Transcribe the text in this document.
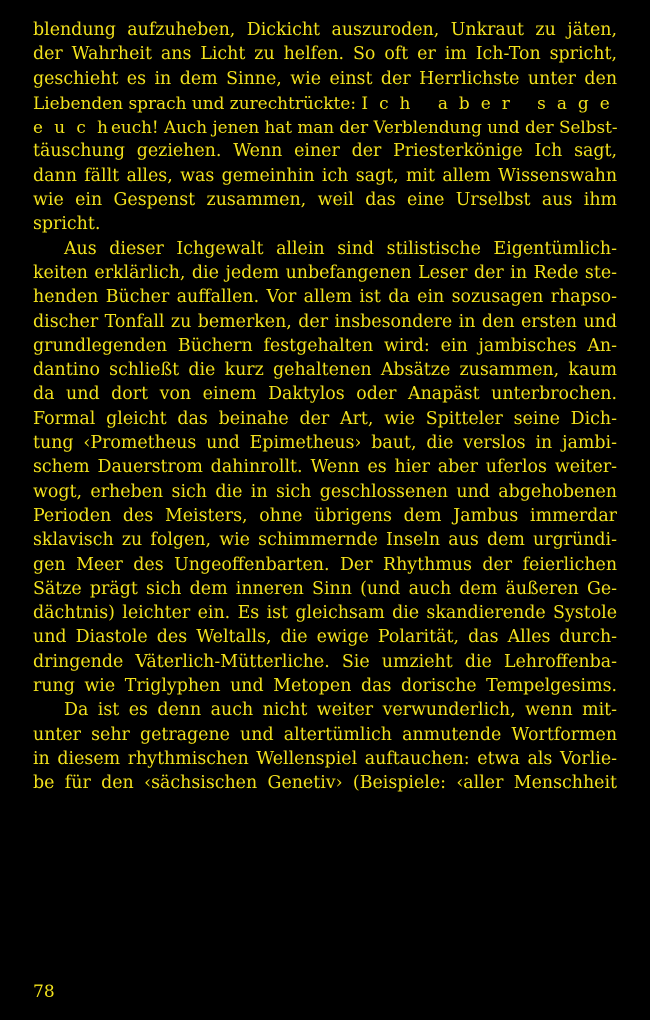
blendung aufzuheben, Dickicht auszuroden, Unkraut zu jäten,
der Wahrheit ans Licht zu helfen. So oft er im Ich-Ton spricht,
geschieht es in dem Sinne, wie einst der Herrlichste unter den
Liebenden sprach und zurechtrückte: Ich aber sage
e u c heuch! Auch jenen hat man der Verblendung und der Selbst-
täuschung geziehen. Wenn einer der Priesterkönige Ich sagt,
dann fällt alles, was gemeinhin ich sagt, mit allem Wissenswahn
wie ein Gespenst zusammen, weil das eine Urselbst aus ihm
spricht.

Aus dieser Ichgewalt allein sind stilistische Eigentümlich-
keiten erklärlich, die jedem unbefangenen Leser der in Rede ste-
henden Bücher auffallen. Vor allem ist da ein sozusagen rhapso-
discher Tonfall zu bemerken, der insbesondere in den ersten und
grundlegenden Büchern festgehalten wird: ein jambisches An-
dantino schließt die kurz gehaltenen Absätze zusammen, kaum
da und dort von einem Daktylos oder Anapäst unterbrochen.
Formal gleicht das beinahe der Art, wie Spitteler seine Dich-
tung ‹Prometheus und Epimetheus› baut, die verslos in jambi-
schem Dauerstrom dahinrollt. Wenn es hier aber uferlos weiter-
wogt, erheben sich die in sich geschlossenen und abgehobenen
Perioden des Meisters, ohne übrigens dem Jambus immerdar
sklavisch zu folgen, wie schimmernde Inseln aus dem urgründi-
gen Meer des Ungeoffenbarten. Der Rhythmus der feierlichen
Sätze prägt sich dem inneren Sinn (und auch dem äußeren Ge-
dächtnis) leichter ein. Es ist gleichsam die skandierende Systole
und Diastole des Weltalls, die ewige Polarität, das Alles durch-
dringende Väterlich-Mütterliche. Sie umzieht die Lehroffenba-
rung wie Triglyphen und Metopen das dorische Tempelgesims.

Da ist es denn auch nicht weiter verwunderlich, wenn mit-
unter sehr getragene und altertümlich anmutende Wortformen
in diesem rhythmischen Wellenspiel auftauchen: etwa als Vorlie-
be für den ‹sächsischen Genetiv› (Beispiele: ‹aller Menschheit

78
